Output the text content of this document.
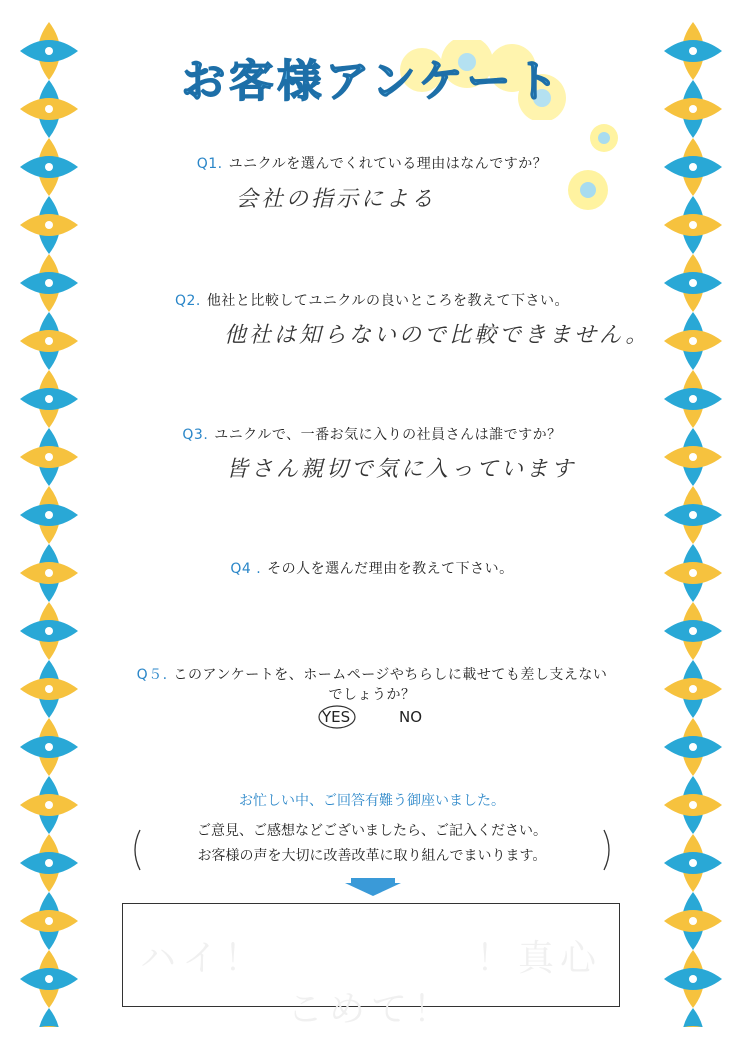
お客様アンケート
Q1. ユニクルを選んでくれている理由はなんですか？
会社の指示による
Q2. 他社と比較してユニクルの良いところを教えて下さい。
他社は知らないので比較できません。
Q3. ユニクルで、一番お気に入りの社員さんは誰ですか？
皆さん親切で気に入っています
Q4 . その人を選んだ理由を教えて下さい。
Q５. このアンケートを、ホームページやちらしに載せても差し支えない
でしょうか？
YES	NO
お忙しい中、ご回答有難う御座いました。
ご意見、ご感想などございましたら、ご記入ください。
お客様の声を大切に改善改革に取り組んでまいります。
ハイ！　　　　　！真心こめて！
